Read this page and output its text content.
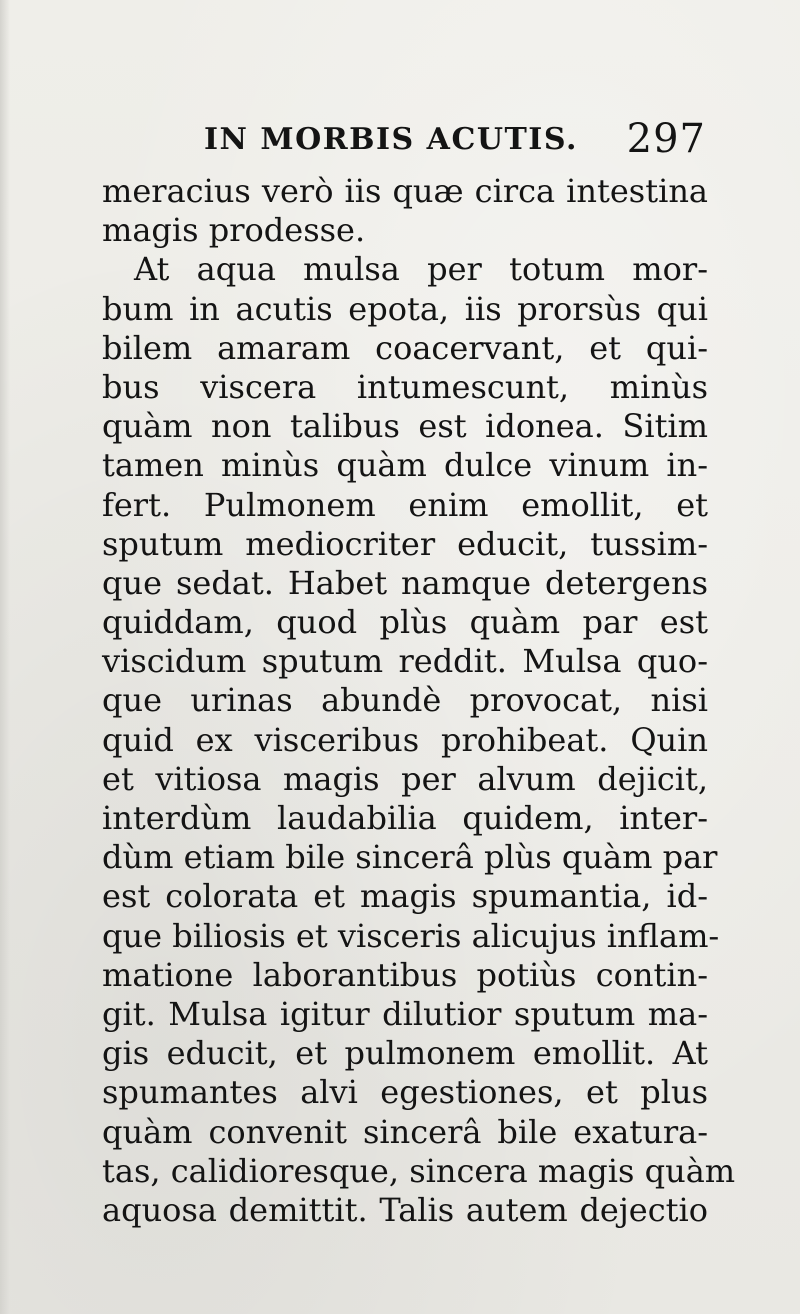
IN MORBIS ACUTIS. 297
meracius verò iis quæ circa intestina
magis prodesse.
At aqua mulsa per totum mor-
bum in acutis epota, iis prorsùs qui
bilem amaram coacervant, et qui-
bus viscera intumescunt, minùs
quàm non talibus est idonea. Sitim
tamen minùs quàm dulce vinum in-
fert. Pulmonem enim emollit, et
sputum mediocriter educit, tussim-
que sedat. Habet namque detergens
quiddam, quod plùs quàm par est
viscidum sputum reddit. Mulsa quo-
que urinas abundè provocat, nisi
quid ex visceribus prohibeat. Quin
et vitiosa magis per alvum dejicit,
interdùm laudabilia quidem, inter-
dùm etiam bile sincerâ plùs quàm par
est colorata et magis spumantia, id-
que biliosis et visceris alicujus inflam-
matione laborantibus potiùs contin-
git. Mulsa igitur dilutior sputum ma-
gis educit, et pulmonem emollit. At
spumantes alvi egestiones, et plus
quàm convenit sincerâ bile exatura-
tas, calidioresque, sincera magis quàm
aquosa demittit. Talis autem dejectio
